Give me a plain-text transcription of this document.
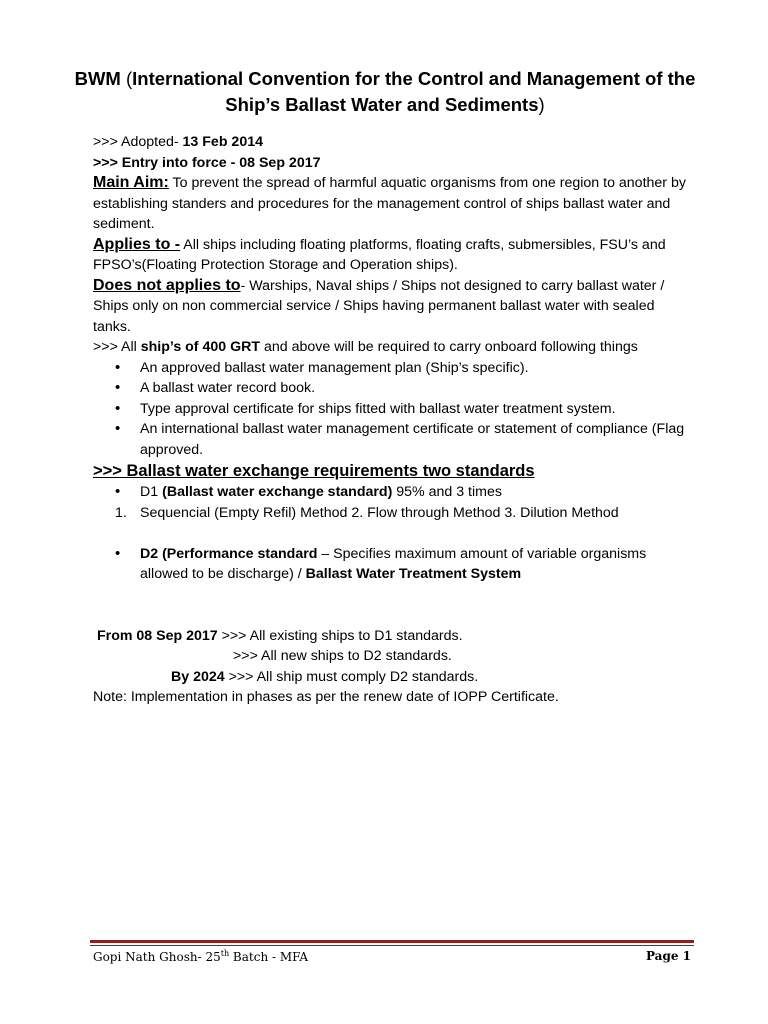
BWM (International Convention for the Control and Management of the Ship’s Ballast Water and Sediments)

>>> Adopted- 13 Feb 2014

>>> Entry into force - 08 Sep 2017

Main Aim: To prevent the spread of harmful aquatic organisms from one region to another by establishing standers and procedures for the management control of ships ballast water and sediment.

Applies to - All ships including floating platforms, floating crafts, submersibles, FSU’s and FPSO’s(Floating Protection Storage and Operation ships).

Does not applies to- Warships, Naval ships / Ships not designed to carry ballast water / Ships only on non commercial service / Ships having permanent ballast water with sealed tanks.

>>> All ship’s of 400 GRT and above will be required to carry onboard following things

• An approved ballast water management plan (Ship’s specific).
• A ballast water record book.
• Type approval certificate for ships fitted with ballast water treatment system.
• An international ballast water management certificate or statement of compliance (Flag approved.

>>> Ballast water exchange requirements two standards

• D1 (Ballast water exchange standard) 95% and 3 times
1. Sequencial (Empty Refil) Method 2. Flow through Method 3. Dilution Method
• D2 (Performance standard – Specifies maximum amount of variable organisms allowed to be discharge) / Ballast Water Treatment System
From 08 Sep 2017 >>> All existing ships to D1 standards.
>>> All new ships to D2 standards.
By 2024 >>> All ship must comply D2 standards.
Note: Implementation in phases as per the renew date of IOPP Certificate.
Gopi Nath Ghosh- 25th Batch - MFA	Page 1
